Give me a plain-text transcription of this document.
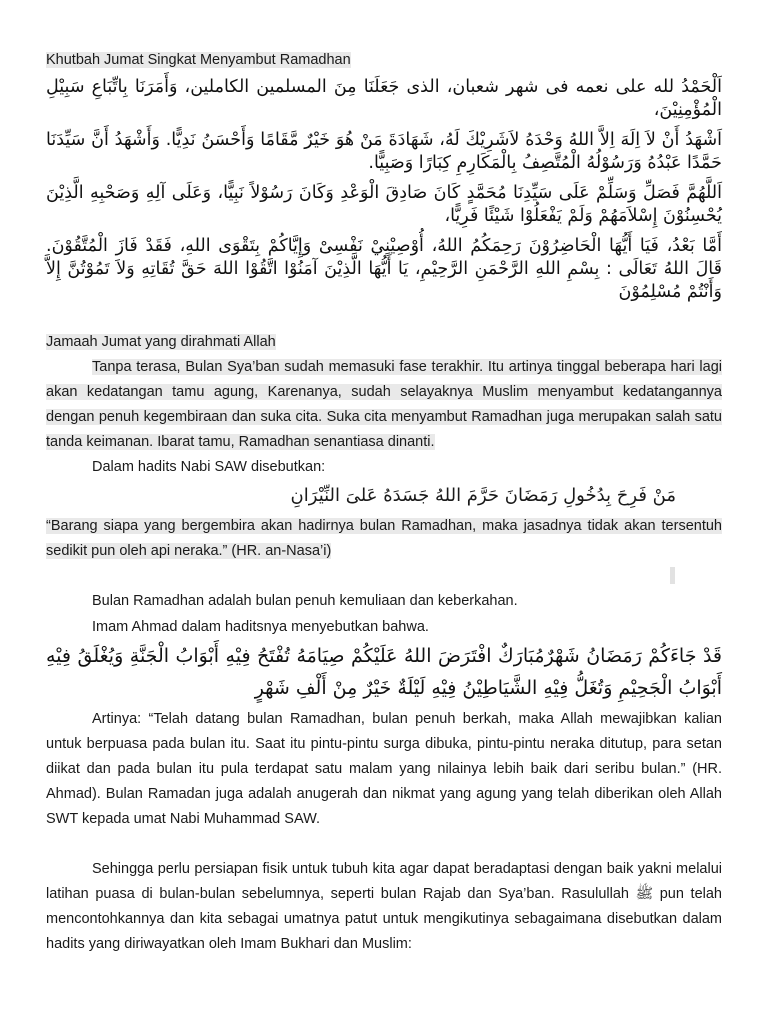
Khutbah Jumat Singkat Menyambut Ramadhan

اَلْحَمْدُ لله على نعمه فى شهر شعبان، الذى جَعَلَنَا مِنَ المسلمين الكاملين، وَأَمَرَنَا بِاتِّبَاعِ سَبِيْلِ الْمُؤْمِنِيْنَ،

اَشْهَدُ أَنْ لاَ اِلَهَ اِلاَّ اللهُ وَحْدَهُ لاَشَرِيْكَ لَهُ، شَهَادَةَ مَنْ هُوَ خَيْرٌ مَّقَامًا وَأَحْسَنُ نَدِيًّا. وَأَشْهَدُ أَنَّ سَيِّدَنَا حَمَّدًا عَبْدُهُ وَرَسُوْلُهُ الْمُتَّصِفُ بِالْمَكَارِمِ كِبَارًا وَصَبِيًّا.

اَللَّهُمَّ فَصَلِّ وَسَلِّمْ عَلَى سَيِّدِنَا مُحَمَّدٍ كَانَ صَادِقَ الْوَعْدِ وَكَانَ رَسُوْلاً نَبِيًّا، وَعَلَى آلِهِ وَصَحْبِهِ الَّذِيْنَ يُحْسِنُوْنَ إِسْلاَمَهُمْ وَلَمْ يَفْعَلُوْا شَيْئًا فَرِيًّا،

أَمَّا بَعْدُ، فَيَا أَيُّهَا الْحَاضِرُوْنَ رَحِمَكُمُ اللهُ، أُوْصِيْنِيْ نَفْسِىْ وَإِيَّاكُمْ بِتَقْوَى اللهِ، فَقَدْ فَازَ الْمُتَّقُوْنَ. قَالَ اللهُ تَعَالَى : بِسْمِ اللهِ الرَّحْمَنِ الرَّحِيْمِ، يَا أَيُّهَا الَّذِيْنَ آمَنُوْا اتَّقُوْا اللهَ حَقَّ تُقَاتِهِ وَلاَ تَمُوْتُنَّ إِلاَّ وَأَنْتُمْ مُسْلِمُوْنَ

Jamaah Jumat yang dirahmati Allah
Tanpa terasa, Bulan Sya’ban sudah memasuki fase terakhir. Itu artinya tinggal beberapa hari lagi akan kedatangan tamu agung, Karenanya, sudah selayaknya Muslim menyambut kedatangannya dengan penuh kegembiraan dan suka cita. Suka cita menyambut Ramadhan juga merupakan salah satu tanda keimanan. Ibarat tamu, Ramadhan senantiasa dinanti.
Dalam hadits Nabi SAW disebutkan:
مَنْ فَرِحَ بِدُخُولِ رَمَضَانَ حَرَّمَ اللهُ جَسَدَهُ عَلىَ النِّيْرَانِ
“Barang siapa yang bergembira akan hadirnya bulan Ramadhan, maka jasadnya tidak akan tersentuh sedikit pun oleh api neraka.” (HR. an-Nasa’i)
Bulan Ramadhan adalah bulan penuh kemuliaan dan keberkahan.
Imam Ahmad dalam haditsnya menyebutkan bahwa.

قَدْ جَاءَكُمْ رَمَضَانُ شَهْرٌمُبَارَكٌ افْتَرَضَ اللهُ عَلَيْكُمْ صِيَامَهُ تُفْتَحُ فِيْهِ أَبْوَابُ الْجَنَّةِ وَيُغْلَقُ فِيْهِ أَبْوَابُ الْجَحِيْمِ وَتُغَلُّ فِيْهِ الشَّيَاطِيْنُ فِيْهِ لَيْلَةٌ خَيْرٌ مِنْ أَلْفِ شَهْرٍ

Artinya: “Telah datang bulan Ramadhan, bulan penuh berkah, maka Allah mewajibkan kalian untuk berpuasa pada bulan itu. Saat itu pintu-pintu surga dibuka, pintu-pintu neraka ditutup, para setan diikat dan pada bulan itu pula terdapat satu malam yang nilainya lebih baik dari seribu bulan.” (HR. Ahmad). Bulan Ramadan juga adalah anugerah dan nikmat yang agung yang telah diberikan oleh Allah SWT kepada umat Nabi Muhammad SAW.
Sehingga perlu persiapan fisik untuk tubuh kita agar dapat beradaptasi dengan baik yakni melalui latihan puasa di bulan-bulan sebelumnya, seperti bulan Rajab dan Sya’ban. Rasulullah ﷺ pun telah mencontohkannya dan kita sebagai umatnya patut untuk mengikutinya sebagaimana disebutkan dalam hadits yang diriwayatkan oleh Imam Bukhari dan Muslim:
